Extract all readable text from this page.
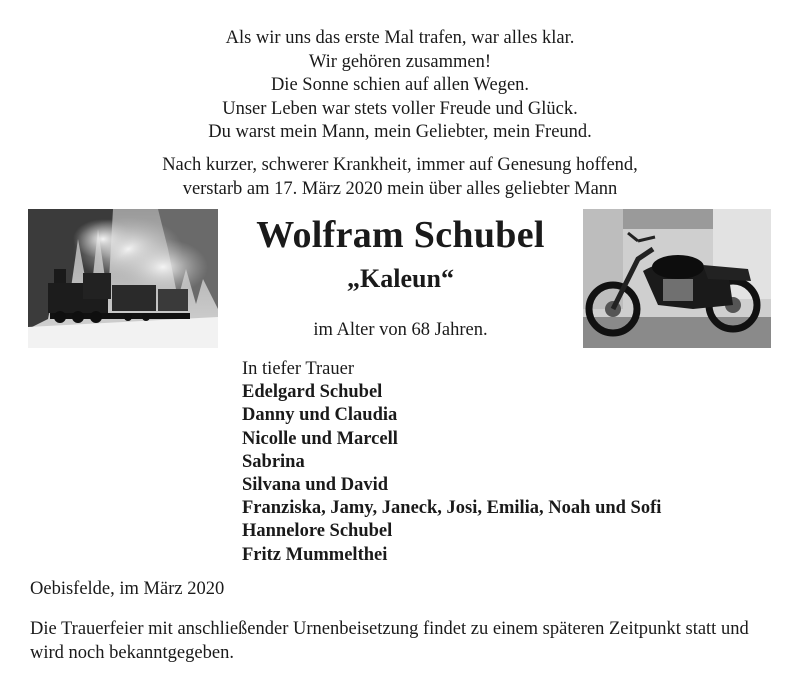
Als wir uns das erste Mal trafen, war alles klar.
Wir gehören zusammen!
Die Sonne schien auf allen Wegen.
Unser Leben war stets voller Freude und Glück.
Du warst mein Mann, mein Geliebter, mein Freund.
Nach kurzer, schwerer Krankheit, immer auf Genesung hoffend,
verstarb am 17. März 2020 mein über alles geliebter Mann
Wolfram Schubel
„Kaleun“
im Alter von 68 Jahren.
In tiefer Trauer
Edelgard Schubel
Danny und Claudia
Nicolle und Marcell
Sabrina
Silvana und David
Franziska, Jamy, Janeck, Josi, Emilia, Noah und Sofi
Hannelore Schubel
Fritz Mummelthei
Oebisfelde, im März 2020
Die Trauerfeier mit anschließender Urnenbeisetzung findet zu einem späteren Zeitpunkt statt und wird noch bekanntgegeben.
